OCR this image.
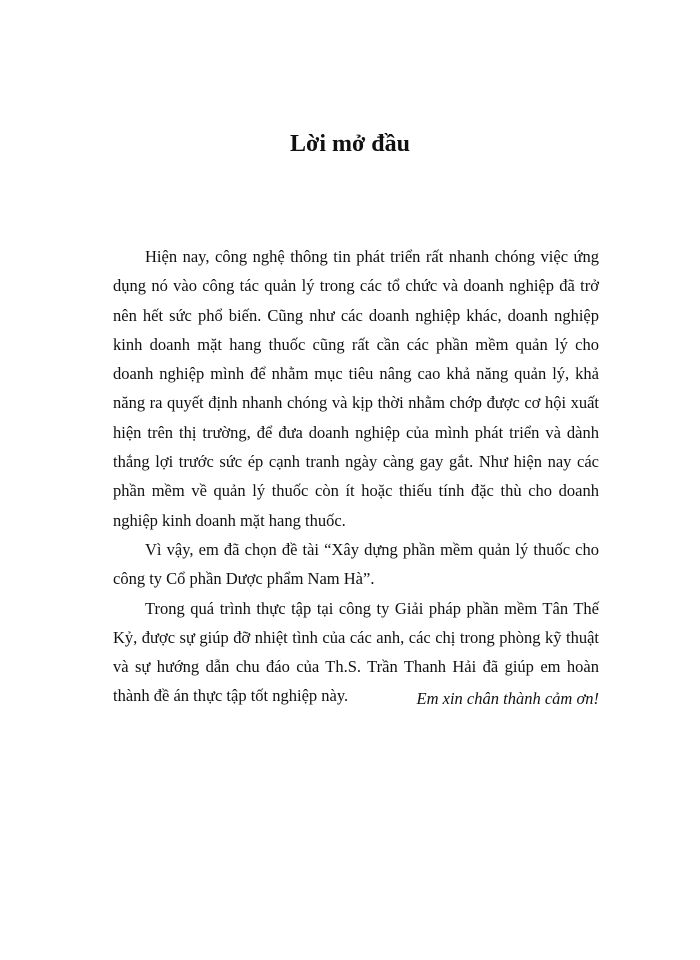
Lời mở đầu

Hiện nay, công nghệ thông tin phát triển rất nhanh chóng việc ứng dụng nó vào công tác quản lý trong các tổ chức và doanh nghiệp đã trở nên hết sức phổ biến. Cũng như các doanh nghiệp khác, doanh nghiệp kinh doanh mặt hang thuốc cũng rất cần các phần mềm quản lý cho doanh nghiệp mình để nhằm mục tiêu nâng cao khả năng quản lý, khả năng ra quyết định nhanh chóng và kịp thời nhằm chớp được cơ hội xuất hiện trên thị trường, để đưa doanh nghiệp của mình phát triển và dành thắng lợi trước sức ép cạnh tranh ngày càng gay gắt. Như hiện nay các phần mềm về quản lý thuốc còn ít hoặc thiếu tính đặc thù cho doanh nghiệp kinh doanh mặt hang thuốc.

Vì vậy, em đã chọn đề tài “Xây dựng phần mềm quản lý thuốc cho công ty Cổ phần Dược phẩm Nam Hà”.

Trong quá trình thực tập tại công ty Giải pháp phần mềm Tân Thế Kỷ, được sự giúp đỡ nhiệt tình của các anh, các chị trong phòng kỹ thuật và sự hướng dẫn chu đáo của Th.S. Trần Thanh Hải đã giúp em hoàn thành đề án thực tập tốt nghiệp này.	Em xin chân thành cảm ơn!
